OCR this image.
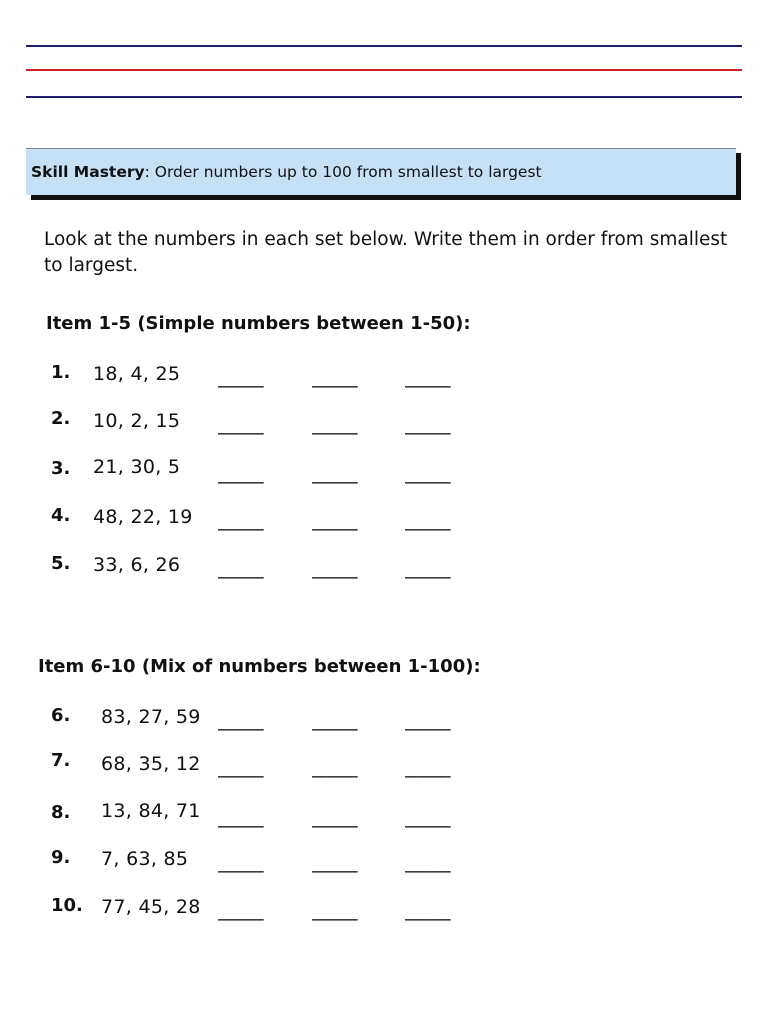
Skill Mastery : Order numbers up to 100 from smallest to largest
Look at the numbers in each set below. Write them in order from smallest to largest.
Item 1-5 (Simple numbers between 1-50):
1. 18, 4, 25 _____	_____	_____
2. 10, 2, 15 _____	_____	_____
3. 21, 30, 5 _____	_____	_____
4. 48, 22, 19 _____	_____	_____
5. 33, 6, 26 _____	_____	_____
Item 6-10 (Mix of numbers between 1-100):
6. 83, 27, 59 _____	_____	_____
7. 68, 35, 12 _____	_____	_____
8. 13, 84, 71 _____	_____	_____
9. 7, 63, 85 _____	_____	_____
10. 77, 45, 28 _____	_____	_____
